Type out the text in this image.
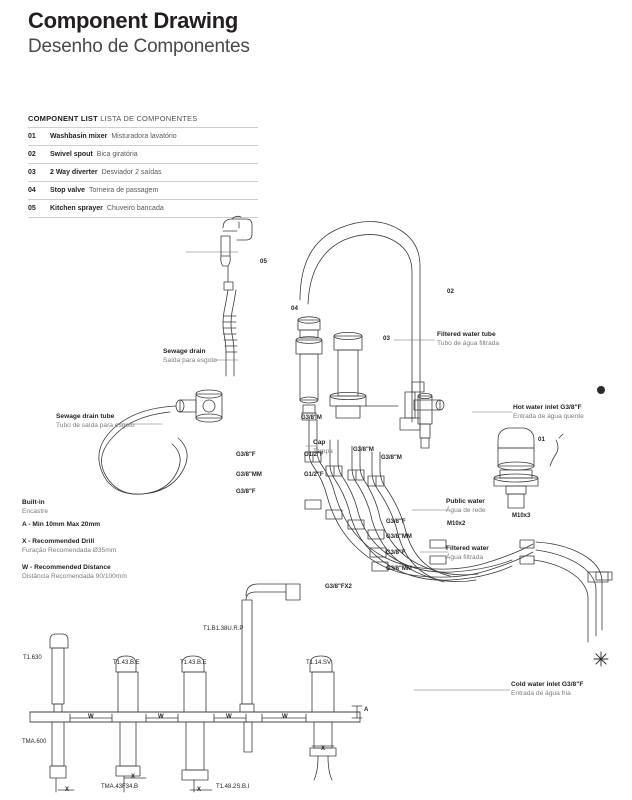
Component Drawing
Desenho de Componentes
COMPONENT LIST LISTA DE COMPONENTES
01	Washbasin mixer Misturadora lavatório
02	Swivel spout Bica giratória
03	2 Way diverter Desviador 2 saídas
04	Stop valve Torneira de passagem
05	Kitchen sprayer Chuveiro bancada
05
04
03
02
01
Sewage drain
Saída para esgoto
Sewage drain tube
Tubo de saída para esgoto
Filtered water tube
Tubo de água filtrada
Hot water inlet G3/8"F
Entrada de água quente
Cold water inlet G3/8"F
Entrada de água fria
Public water
Água de rede
Filtered water
Água filtrada
Cap
Tampa
Built-in
Encastre
A - Min 10mm Max 20mm
X - Recommended Drill
Furação Recomendada Ø35mm
W - Recommended Distance
Distância Recomendada 90/100mm
G3/8"M
G3/8"F
G3/8"MM
G3/8"F
G1/2"F
G1/2"F
G3/8"M
G3/8"M
G3/8"F
G3/8"MM
G3/8"F
G3/8"MM
G3/8"FX2
M10x2
M10x3
T1.630
T1.43.B.E	T1.43.B.E
T1.B1.38U.R.P
T1.14.SV
TMA.600
TMA.43F34.B	T1.48.2S.B.I
W	W	W	W
A
X
X
X
X
